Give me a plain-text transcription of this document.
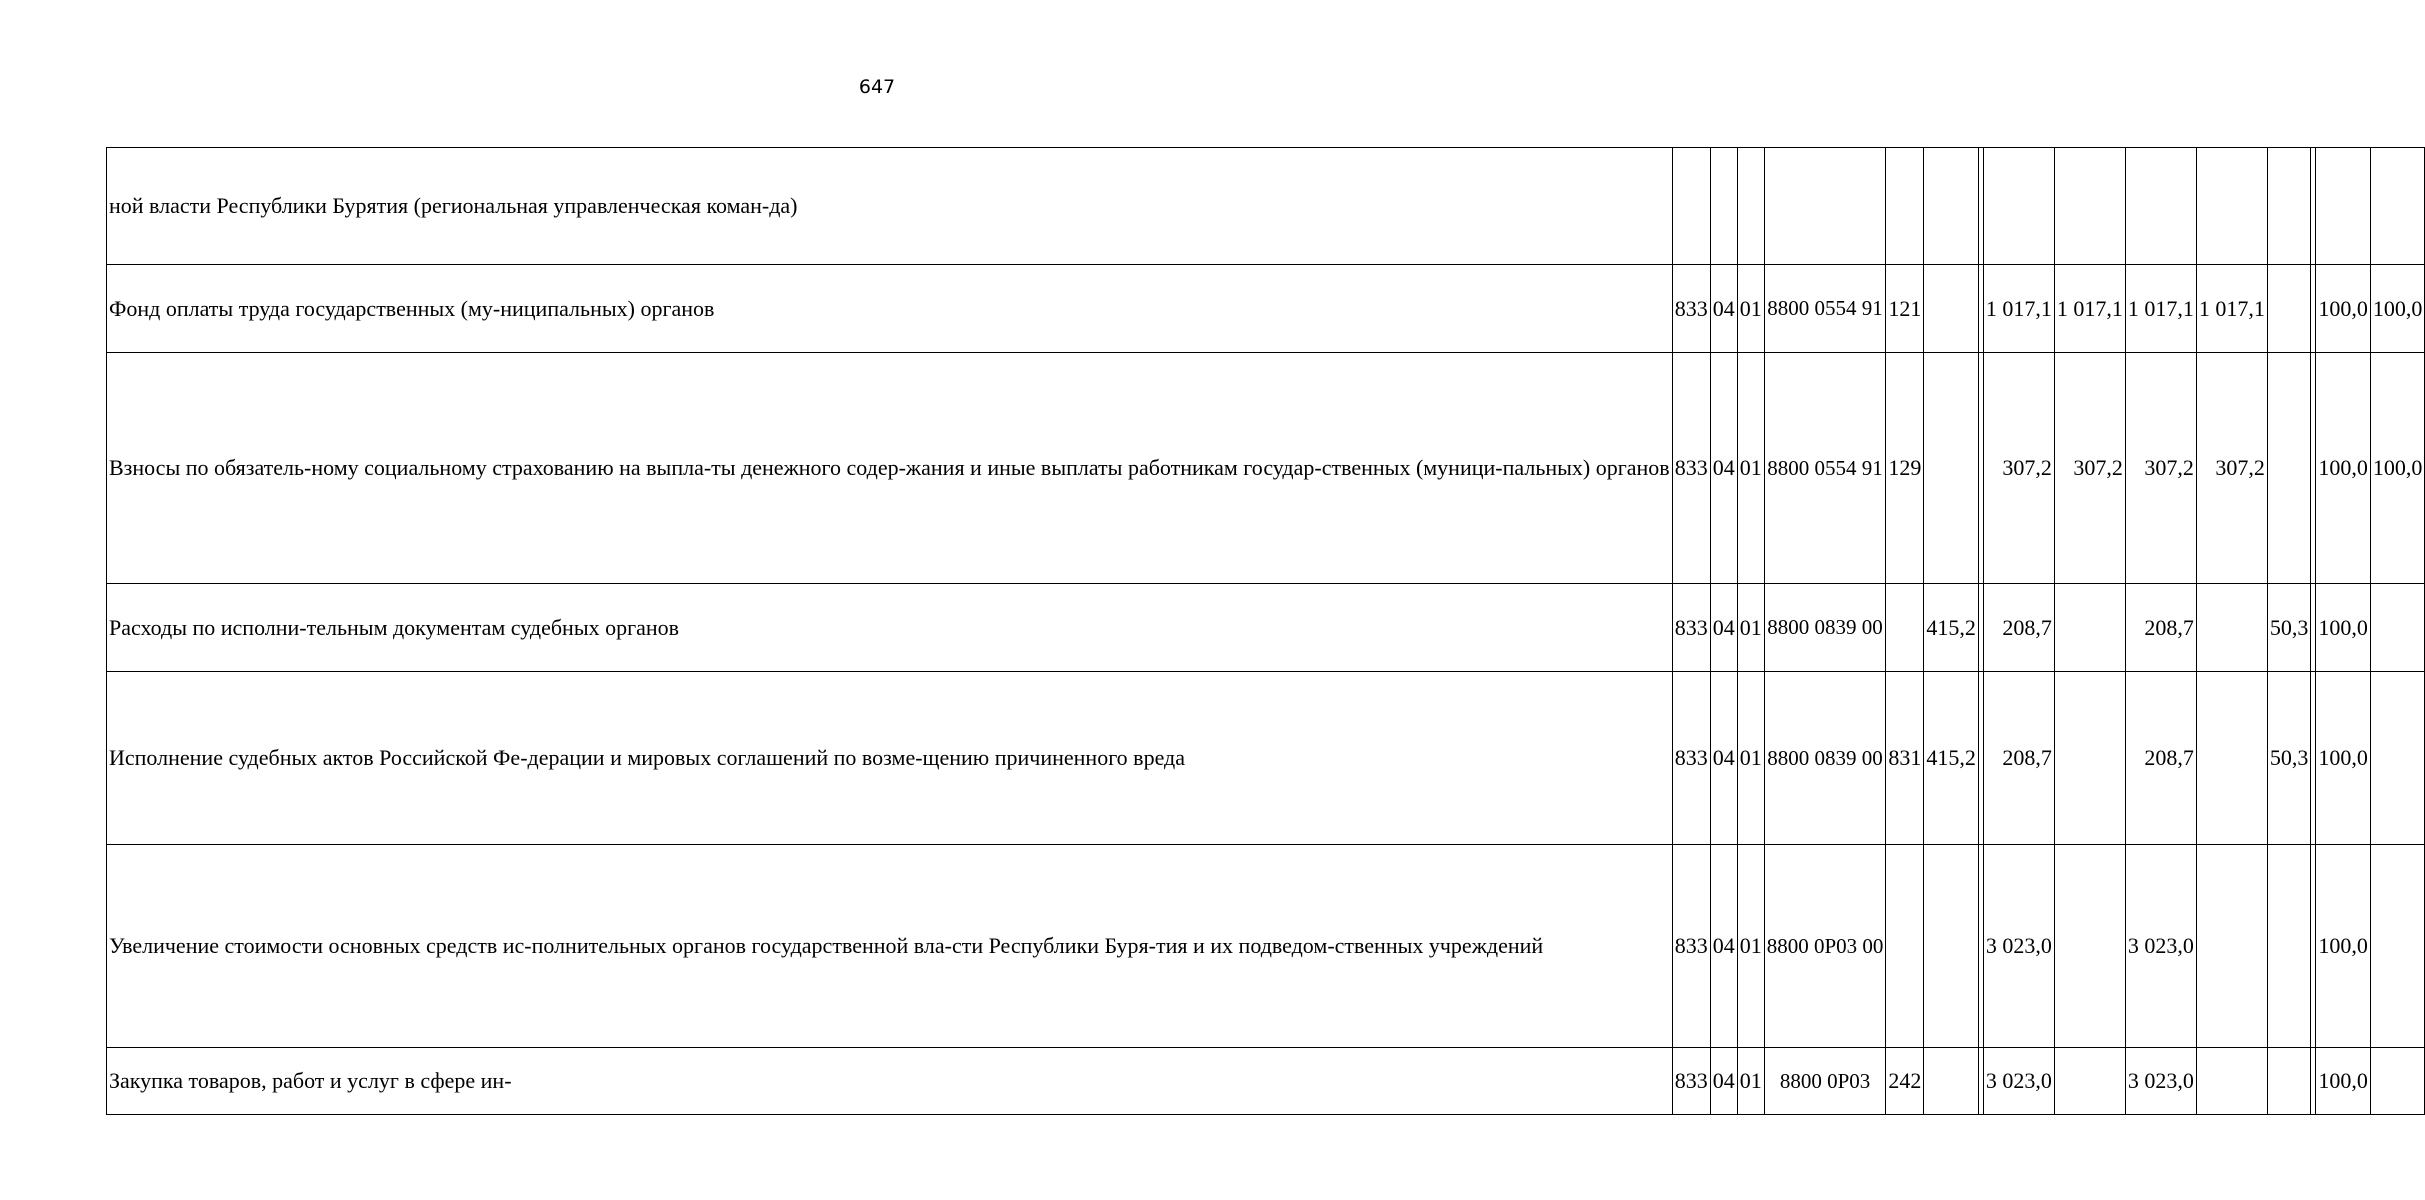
647
ной власти Республики Бурятия (региональная управленческая коман-да)															
Фонд оплаты труда государственных (му-ниципальных) органов	833	04	01	8800 0554 91	121			1 017,1	1 017,1	1 017,1	1 017,1			100,0	100,0
Взносы по обязатель-ному социальному страхованию на выпла-ты денежного содер-жания и иные выплаты работникам государ-ственных (муници-пальных) органов	833	04	01	8800 0554 91	129			307,2	307,2	307,2	307,2			100,0	100,0
Расходы по исполни-тельным документам судебных органов	833	04	01	8800 0839 00		415,2		208,7		208,7		50,3		100,0	
Исполнение судебных актов Российской Фе-дерации и мировых соглашений по возме-щению причиненного вреда	833	04	01	8800 0839 00	831	415,2		208,7		208,7		50,3		100,0	
Увеличение стоимости основных средств ис-полнительных органов государственной вла-сти Республики Буря-тия и их подведом-ственных учреждений	833	04	01	8800 0P03 00				3 023,0		3 023,0				100,0	
Закупка товаров, работ и услуг в сфере ин-	833	04	01	8800 0P03	242			3 023,0		3 023,0				100,0	
